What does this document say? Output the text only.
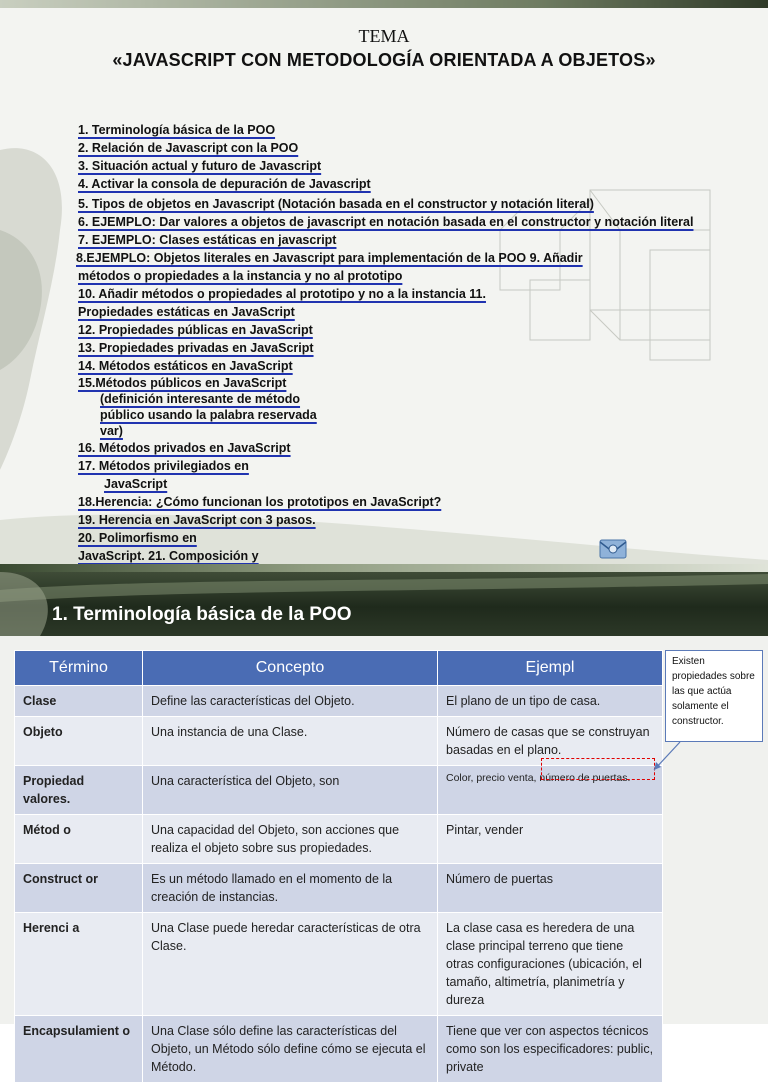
TEMA
«JAVASCRIPT CON METODOLOGÍA ORIENTADA A OBJETOS»
1. Terminología básica de la POO
2. Relación de Javascript con la POO
3. Situación actual y futuro de Javascript
4. Activar la consola de depuración de Javascript
5. Tipos de objetos en Javascript (Notación basada en el constructor y notación literal)
6. EJEMPLO: Dar valores a objetos de javascript en notación basada en el constructor y notación literal
7. EJEMPLO: Clases estáticas en javascript
8.EJEMPLO: Objetos literales en Javascript para implementación de la POO 9. Añadir
métodos o propiedades a la instancia y no al prototipo
10. Añadir métodos o propiedades al prototipo y no a la instancia 11.
Propiedades estáticas en JavaScript
12. Propiedades públicas en JavaScript
13. Propiedades privadas en JavaScript
14. Métodos estáticos en JavaScript
15.Métodos públicos en JavaScript
(definición interesante de método
público usando la palabra reservada
var)
16. Métodos privados en JavaScript
17. Métodos privilegiados en
JavaScript
18.Herencia: ¿Cómo funcionan los prototipos en JavaScript?
19. Herencia en JavaScript con 3 pasos.
20. Polimorfismo en
JavaScript. 21. Composición y
1. Terminología básica de la POO
Término	Concepto	Ejempl
Clase	Define las características del Objeto.	El plano de un tipo de casa.
Objeto	Una instancia de una Clase.	Número de casas que se construyan basadas en el plano.
Propiedad valores.	Una característica del Objeto, son	Color, precio venta, número de puertas.
Métod o	Una capacidad del Objeto, son acciones que realiza el objeto sobre sus propiedades.	Pintar, vender
Construct or	Es un método llamado en el momento de la creación de instancias.	Número de puertas
Herenci a	Una Clase puede heredar características de otra Clase.	La clase casa es heredera de una clase principal terreno que tiene otras configuraciones (ubicación, el tamaño, altimetría, planimetría y dureza
Encapsulamient o	Una Clase sólo define las características del Objeto, un Método sólo define cómo se ejecuta el Método.	Tiene que ver con aspectos técnicos como son los especificadores: public, private
Existen propiedades sobre las que actúa solamente el constructor.
